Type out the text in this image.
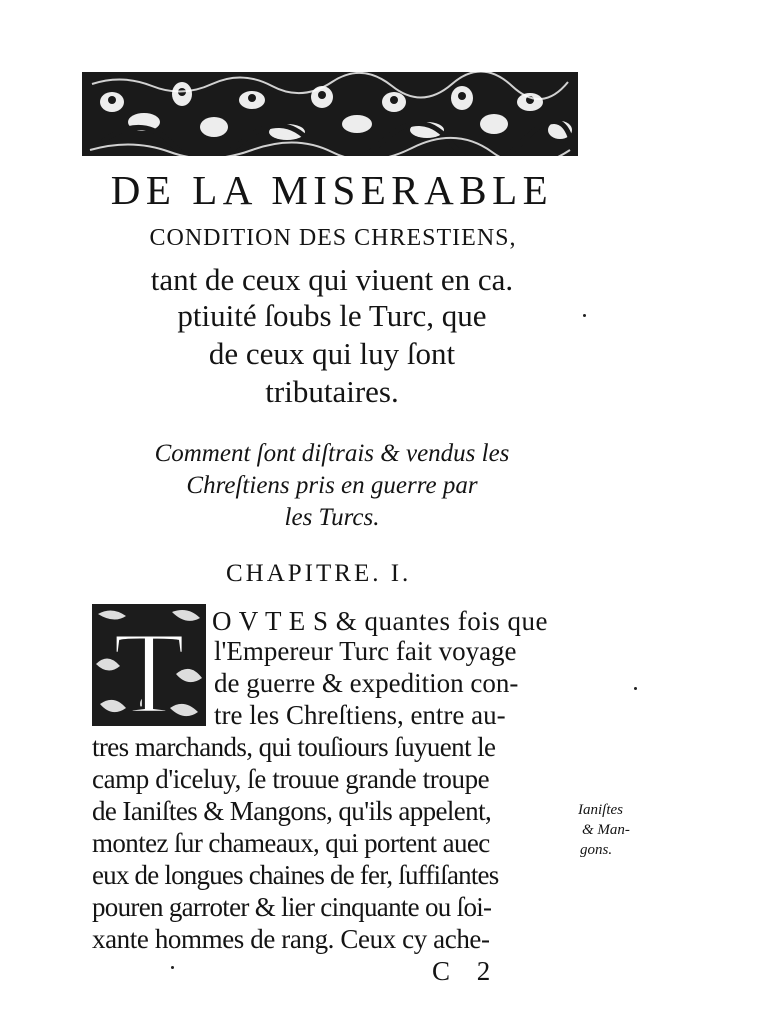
DE LA MISERABLE
CONDITION DES CHRESTIENS,
tant de ceux qui viuent en ca.
ptiuité ſoubs le Turc, que
de ceux qui luy ſont
tributaires.
Comment ſont diſtrais & vendus les
Chreſtiens pris en guerre par
les Turcs.
CHAPITRE. I.
T O V T E S & quantes fois que
l'Empereur Turc fait voyage
de guerre & expedition con-
tre les Chreſtiens, entre au-
tres marchands, qui touſiours ſuyuent le
camp d'iceluy, ſe trouue grande troupe
de Ianiſtes & Mangons, qu'ils appelent,
montez ſur chameaux, qui portent auec
eux de longues chaines de fer, ſuffiſantes
pouren garroter & lier cinquante ou ſoi-
xante hommes de rang. Ceux cy ache-
Ianiſtes
& Man-
gons.
C 2
